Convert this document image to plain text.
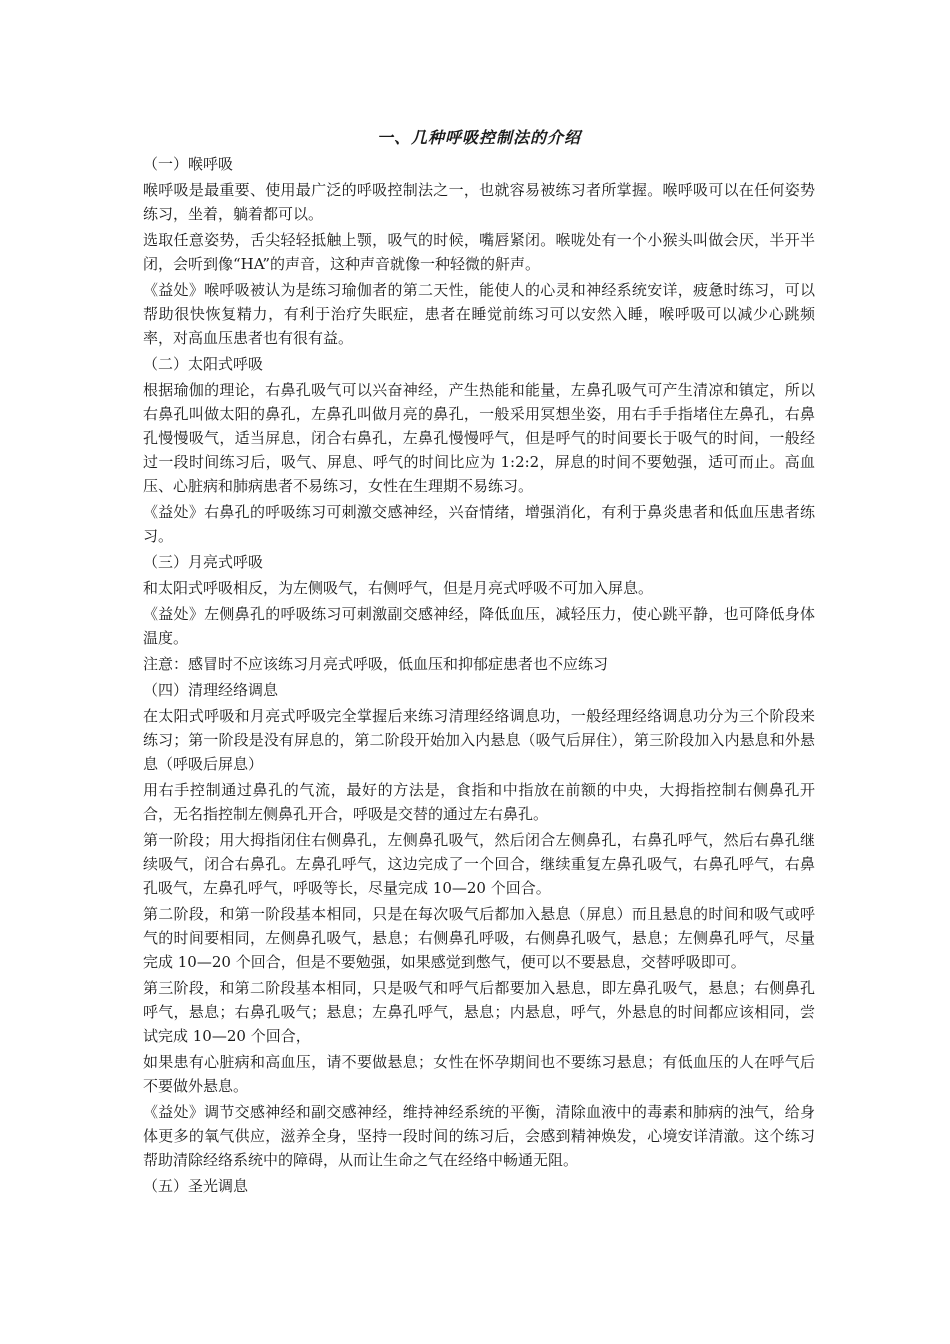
一、几种呼吸控制法的介绍
（一）喉呼吸
喉呼吸是最重要、使用最广泛的呼吸控制法之一，也就容易被练习者所掌握。喉呼吸可以在任何姿势练习，坐着，躺着都可以。
选取任意姿势，舌尖轻轻抵触上颚，吸气的时候，嘴唇紧闭。喉咙处有一个小猴头叫做会厌，半开半闭，会听到像“HA”的声音，这种声音就像一种轻微的鼾声。
《益处》喉呼吸被认为是练习瑜伽者的第二天性，能使人的心灵和神经系统安详，疲惫时练习，可以帮助很快恢复精力，有利于治疗失眠症，患者在睡觉前练习可以安然入睡，喉呼吸可以减少心跳频率，对高血压患者也有很有益。
（二）太阳式呼吸
根据瑜伽的理论，右鼻孔吸气可以兴奋神经，产生热能和能量，左鼻孔吸气可产生清凉和镇定，所以右鼻孔叫做太阳的鼻孔，左鼻孔叫做月亮的鼻孔，一般采用冥想坐姿，用右手手指堵住左鼻孔，右鼻孔慢慢吸气，适当屏息，闭合右鼻孔，左鼻孔慢慢呼气，但是呼气的时间要长于吸气的时间，一般经过一段时间练习后，吸气、屏息、呼气的时间比应为 1:2:2，屏息的时间不要勉强，适可而止。高血压、心脏病和肺病患者不易练习，女性在生理期不易练习。
《益处》右鼻孔的呼吸练习可刺激交感神经，兴奋情绪，增强消化，有利于鼻炎患者和低血压患者练习。
（三）月亮式呼吸
和太阳式呼吸相反，为左侧吸气，右侧呼气，但是月亮式呼吸不可加入屏息。
《益处》左侧鼻孔的呼吸练习可刺激副交感神经，降低血压，减轻压力，使心跳平静，也可降低身体温度。
注意：感冒时不应该练习月亮式呼吸，低血压和抑郁症患者也不应练习
（四）清理经络调息
在太阳式呼吸和月亮式呼吸完全掌握后来练习清理经络调息功，一般经理经络调息功分为三个阶段来练习；第一阶段是没有屏息的，第二阶段开始加入内悬息（吸气后屏住），第三阶段加入内悬息和外悬息（呼吸后屏息）
用右手控制通过鼻孔的气流，最好的方法是，食指和中指放在前额的中央，大拇指控制右侧鼻孔开合，无名指控制左侧鼻孔开合，呼吸是交替的通过左右鼻孔。
第一阶段；用大拇指闭住右侧鼻孔，左侧鼻孔吸气，然后闭合左侧鼻孔，右鼻孔呼气，然后右鼻孔继续吸气，闭合右鼻孔。左鼻孔呼气，这边完成了一个回合，继续重复左鼻孔吸气，右鼻孔呼气，右鼻孔吸气，左鼻孔呼气，呼吸等长，尽量完成 10—20 个回合。
第二阶段，和第一阶段基本相同，只是在每次吸气后都加入悬息（屏息）而且悬息的时间和吸气或呼气的时间要相同，左侧鼻孔吸气，悬息；右侧鼻孔呼吸，右侧鼻孔吸气，悬息；左侧鼻孔呼气，尽量完成 10—20 个回合，但是不要勉强，如果感觉到憋气，便可以不要悬息，交替呼吸即可。
第三阶段，和第二阶段基本相同，只是吸气和呼气后都要加入悬息，即左鼻孔吸气，悬息；右侧鼻孔呼气，悬息；右鼻孔吸气；悬息；左鼻孔呼气，悬息；内悬息，呼气，外悬息的时间都应该相同，尝试完成 10—20 个回合，
如果患有心脏病和高血压，请不要做悬息；女性在怀孕期间也不要练习悬息；有低血压的人在呼气后不要做外悬息。
《益处》调节交感神经和副交感神经，维持神经系统的平衡，清除血液中的毒素和肺病的浊气，给身体更多的氧气供应，滋养全身，坚持一段时间的练习后，会感到精神焕发，心境安详清澈。这个练习帮助清除经络系统中的障碍，从而让生命之气在经络中畅通无阻。
（五）圣光调息
